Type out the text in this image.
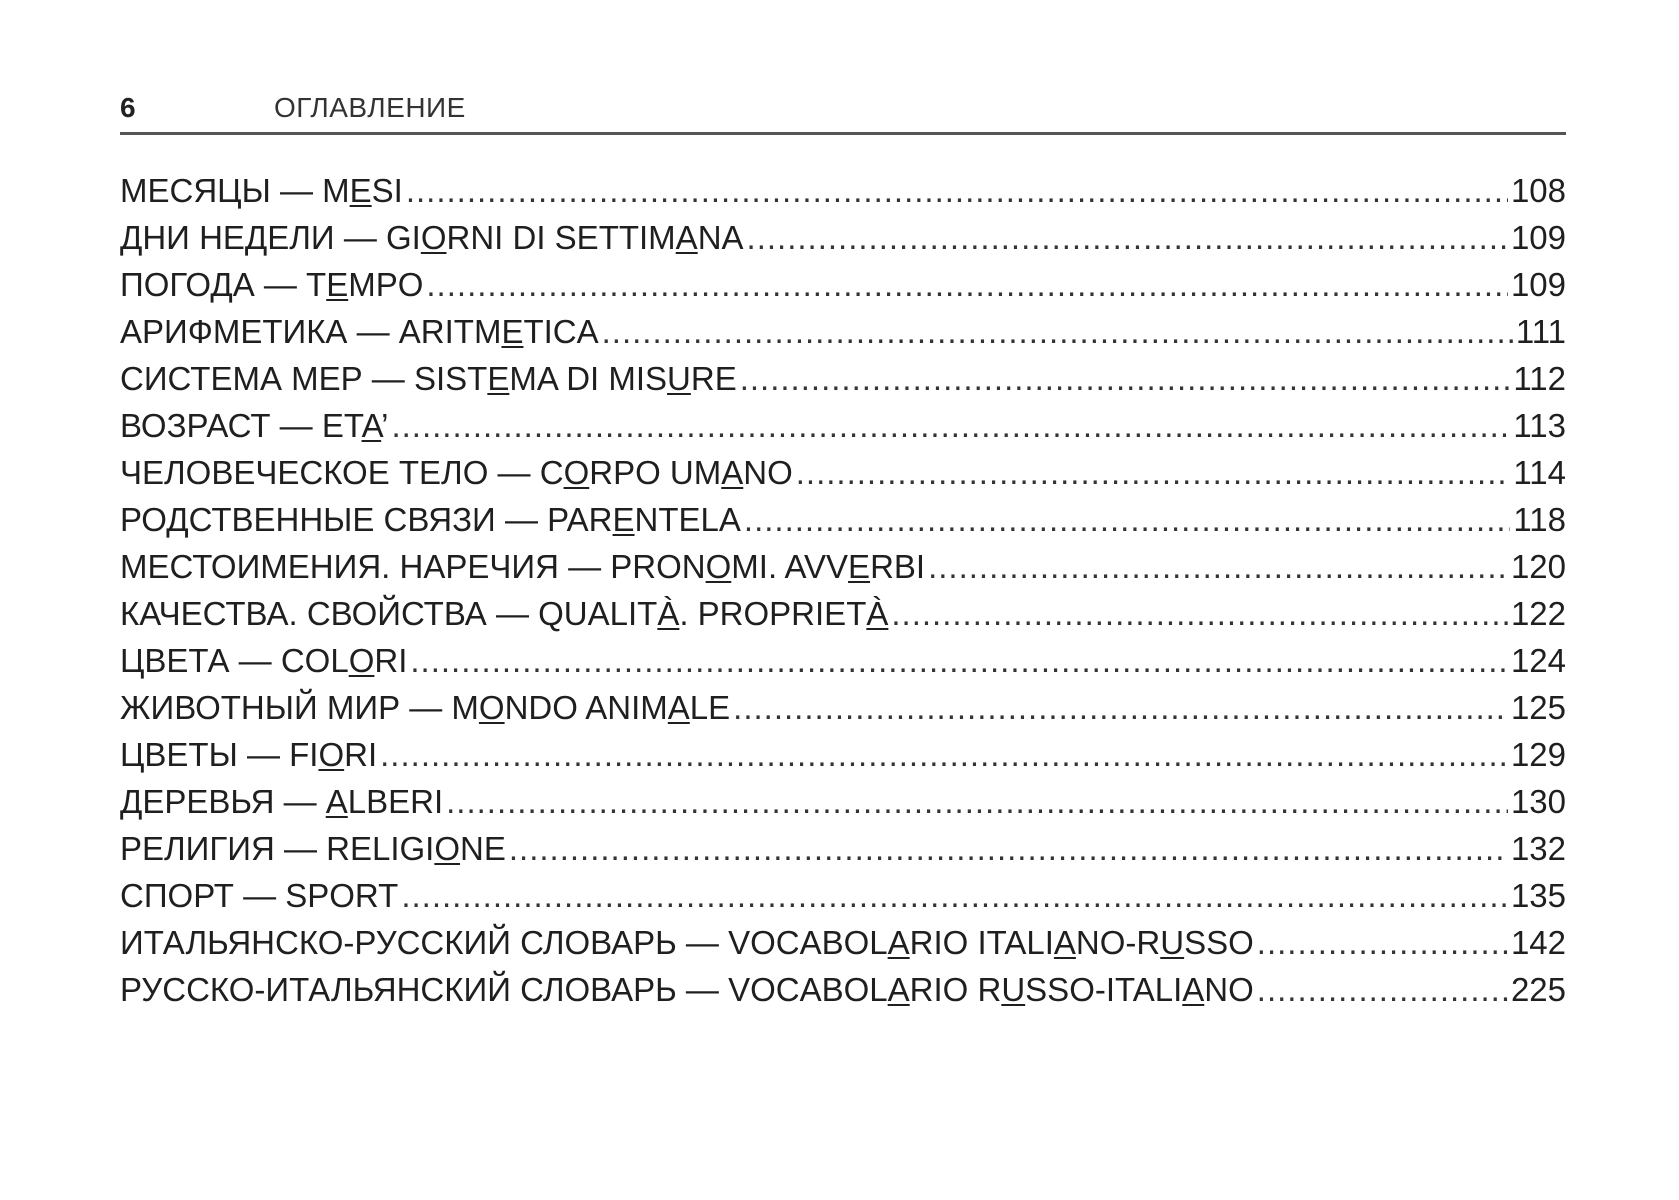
6	ОГЛАВЛЕНИЕ
МЕСЯЦЫ — MESI .....	108
ДНИ НЕДЕЛИ — GIORNI DI SETTIMANA .....	109
ПОГОДА — TEMPO .....	109
АРИФМЕТИКА — ARITMETICA .....	111
СИСТЕМА МЕР — SISTEMA DI MISURE .....	112
ВОЗРАСТ — ETA’ .....	113
ЧЕЛОВЕЧЕСКОЕ ТЕЛО — CORPO UMANO .....	114
РОДСТВЕННЫЕ СВЯЗИ — PARENTELA .....	118
МЕСТОИМЕНИЯ. НАРЕЧИЯ — PRONOMI. AVVERBI .....	120
КАЧЕСТВА. СВОЙСТВА — QUALITÀ. PROPRIETÀ .....	122
ЦВЕТА — COLORI .....	124
ЖИВОТНЫЙ МИР — MONDO ANIMALE .....	125
ЦВЕТЫ — FIORI .....	129
ДЕРЕВЬЯ — ALBERI .....	130
РЕЛИГИЯ — RELIGIONE .....	132
СПОРТ — SPORT .....	135
ИТАЛЬЯНСКО-РУССКИЙ СЛОВАРЬ — VOCABOLARIO ITALIANO-RUSSO .....	142
РУССКО-ИТАЛЬЯНСКИЙ СЛОВАРЬ — VOCABOLARIO RUSSO-ITALIANO .....	225
